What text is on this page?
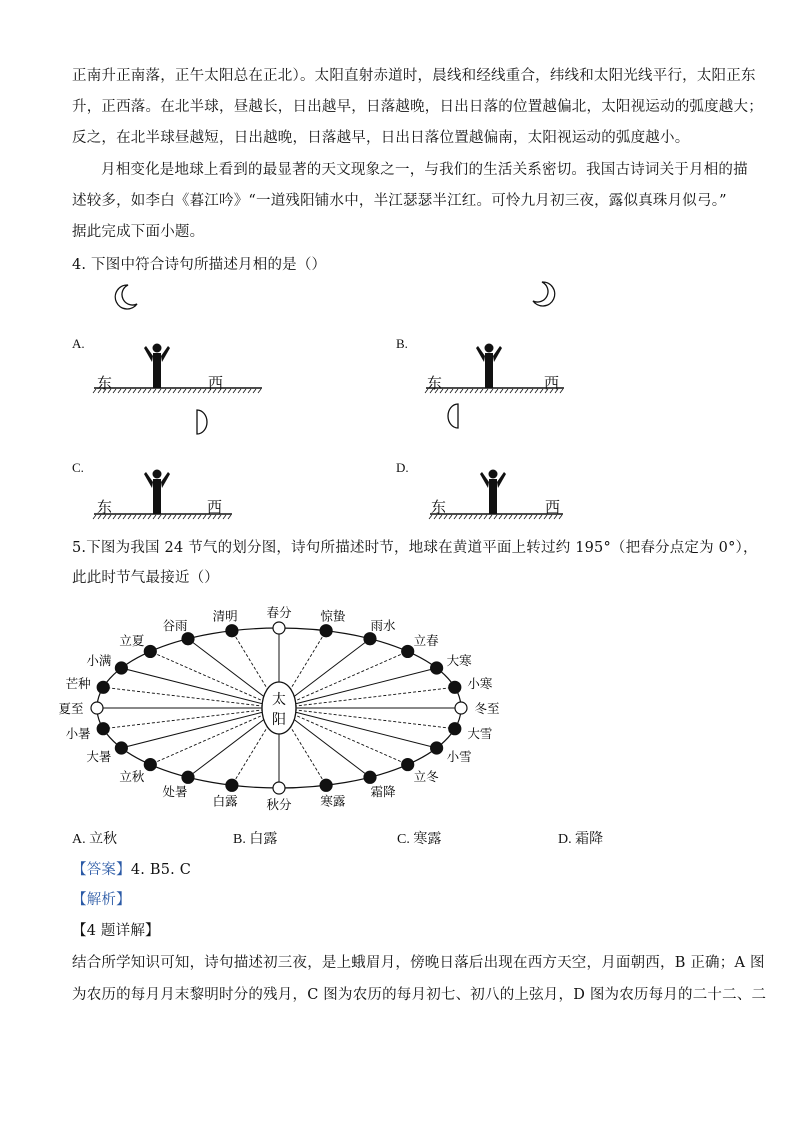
正南升正南落，正午太阳总在正北）。太阳直射赤道时，晨线和经线重合，纬线和太阳光线平行，太阳正东
升，正西落。在北半球，昼越长，日出越早，日落越晚，日出日落的位置越偏北，太阳视运动的弧度越大；
反之，在北半球昼越短，日出越晚，日落越早，日出日落位置越偏南，太阳视运动的弧度越小。
月相变化是地球上看到的最显著的天文现象之一，与我们的生活关系密切。我国古诗词关于月相的描
述较多，如李白《暮江吟》“一道残阳铺水中，半江瑟瑟半江红。可怜九月初三夜，露似真珠月似弓。”
据此完成下面小题。
4. 下图中符合诗句所描述月相的是（）
A.
东	西
B.
东	西
C.
东	西
D.
东	西
5.下图为我国 24 节气的划分图，诗句所描述时节，地球在黄道平面上转过约 195°（把春分点定为 0°），
此此时节气最接近（）
太
阳
春分 惊蛰
雨水
立春
大寒
小寒
冬至
大雪
小雪
立冬
霜降
寒露
秋分
白露
处暑
立秋
大暑
小暑
夏至
芒种
小满
立夏
谷雨
清明
A. 立秋	B. 白露	C. 寒露	D. 霜降
【答案】4. B5. C
【解析】
【4 题详解】
结合所学知识可知，诗句描述初三夜，是上蛾眉月，傍晚日落后出现在西方天空，月面朝西，B 正确；A 图
为农历的每月月末黎明时分的残月，C 图为农历的每月初七、初八的上弦月，D 图为农历每月的二十二、二
